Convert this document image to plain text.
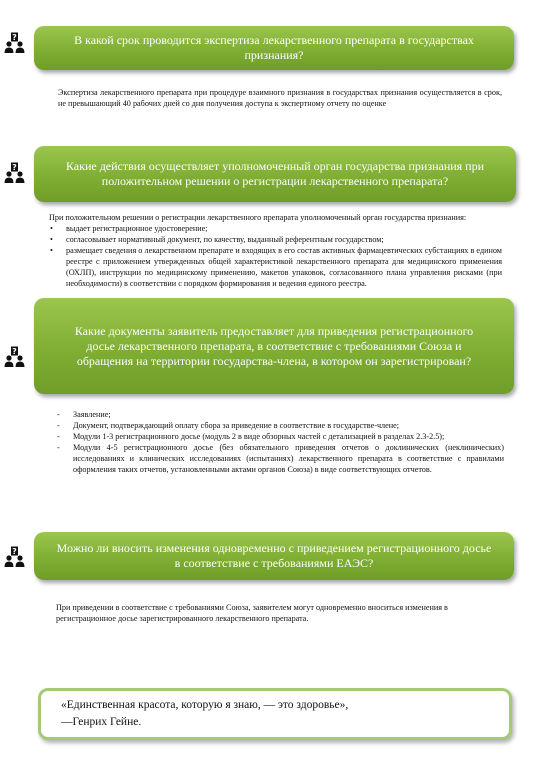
В какой срок проводится экспертиза лекарственного препарата в государствах признания?

Экспертиза лекарственного препарата при процедуре взаимного признания в государствах признания осуществляется в срок, не превышающий 40 рабочих дней со дня получения доступа к экспертному отчету по оценке

Какие действия осуществляет уполномоченный орган государства признания при положительном решении о регистрации лекарственного препарата?
При положительном решении о регистрации лекарственного препарата уполномоченный орган государства признания:
• выдает регистрационное удостоверение;
• согласовывает нормативный документ, по качеству, выданный референтным государством;
• размещает сведения о лекарственном препарате и входящих в его состав активных фармацевтических субстанциях в едином реестре с приложением утвержденных общей характеристикой лекарственного препарата для медицинского применения (ОХЛП), инструкции по медицинскому применению, макетов упаковок, согласованного плана управления рисками (при необходимости) в соответствии с порядком формирования и ведения единого реестра.
Какие документы заявитель предоставляет для приведения регистрационного досье лекарственного препарата, в соответствие с требованиями Союза и обращения на территории государства-члена, в котором он зарегистрирован?
- Заявление;
- Документ, подтверждающий оплату сбора за приведение в соответствие в государстве-члене;
- Модули 1-3 регистрационного досье (модуль 2 в виде обзорных частей с детализацией в разделах 2.3-2.5);
- Модули 4-5 регистрационного досье (без обязательного приведения отчетов о доклинических (неклинических) исследованиях и клинических исследованиях (испытаниях) лекарственного препарата в соответствие с правилами оформления таких отчетов, установленными актами органов Союза) в виде соответствующих отчетов.
Можно ли вносить изменения одновременно с приведением регистрационного досье в соответствие с требованиями ЕАЭС?

При приведении в соответствие с требованиями Союза, заявителем могут одновременно вноситься изменения в регистрационное досье зарегистрированного лекарственного препарата.

«Единственная красота, которую я знаю, — это здоровье»,
—Генрих Гейне.
